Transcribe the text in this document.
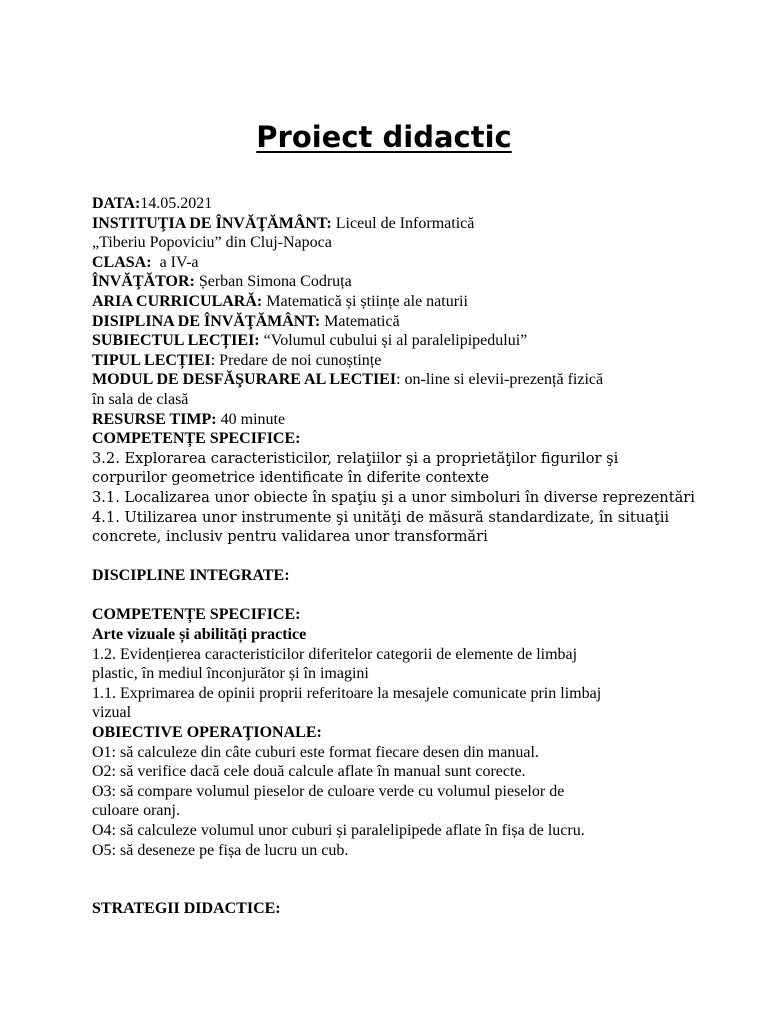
Proiect didactic
DATA:14.05.2021
INSTITUŢIA DE ÎNVĂŢĂMÂNT: Liceul de Informatică
„Tiberiu Popoviciu” din Cluj-Napoca
CLASA:  a IV-a
ÎNVĂŢĂTOR: Șerban Simona Codruța
ARIA CURRICULARĂ: Matematică și științe ale naturii
DISIPLINA DE ÎNVĂŢĂMÂNT: Matematică
SUBIECTUL LECȚIEI: “Volumul cubului și al paralelipipedului”
TIPUL LECȚIEI: Predare de noi cunoștințe
MODUL DE DESFĂŞURARE AL LECTIEI: on-line si elevii-prezență fizică
în sala de clasă
RESURSE TIMP: 40 minute
COMPETENȚE SPECIFICE:
3.2. Explorarea caracteristicilor, relaţiilor şi a proprietăţilor figurilor şi
corpurilor geometrice identificate în diferite contexte
3.1. Localizarea unor obiecte în spaţiu şi a unor simboluri în diverse reprezentări
4.1. Utilizarea unor instrumente şi unităţi de măsură standardizate, în situaţii
concrete, inclusiv pentru validarea unor transformări
DISCIPLINE INTEGRATE:
COMPETENȚE SPECIFICE:
Arte vizuale și abilități practice
1.2. Evidențierea caracteristicilor diferitelor categorii de elemente de limbaj
plastic, în mediul înconjurător și în imagini
1.1. Exprimarea de opinii proprii referitoare la mesajele comunicate prin limbaj
vizual
OBIECTIVE OPERAŢIONALE:
O1: să calculeze din câte cuburi este format fiecare desen din manual.
O2: să verifice dacă cele două calcule aflate în manual sunt corecte.
O3: să compare volumul pieselor de culoare verde cu volumul pieselor de
culoare oranj.
O4: să calculeze volumul unor cuburi și paralelipipede aflate în fișa de lucru.
O5: să deseneze pe fișa de lucru un cub.
STRATEGII DIDACTICE:
